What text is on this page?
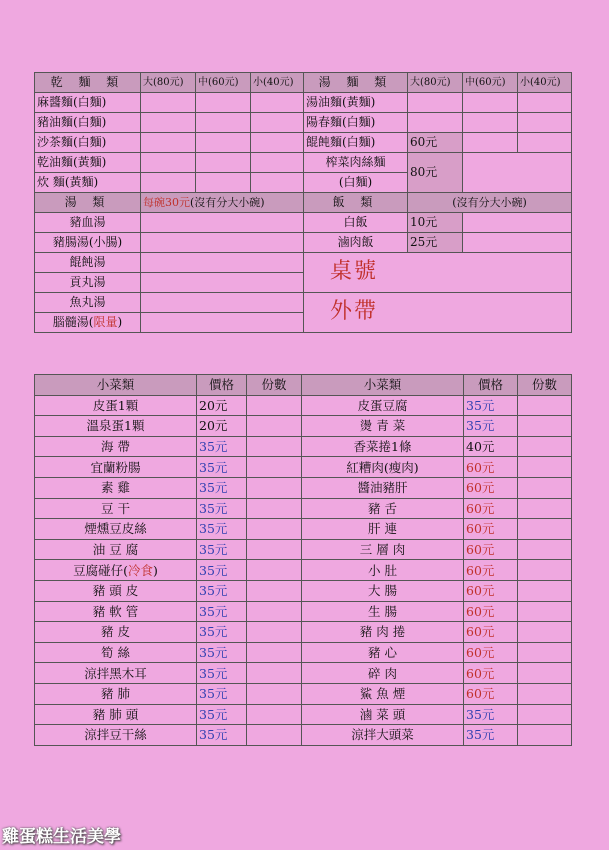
乾 麵 類	大(80元)	中(60元)	小(40元)	湯 麵 類	大(80元)	中(60元)	小(40元)
麻醬麵(白麵)				湯油麵(黃麵)			
豬油麵(白麵)				陽春麵(白麵)			
沙茶麵(白麵)				餛飩麵(白麵)	60元		
乾油麵(黃麵)				榨菜肉絲麵	80元		
炊 麵(黃麵)				(白麵)			
湯 類	每碗30元(沒有分大小碗)			飯 類	(沒有分大小碗)		
豬血湯				白飯	10元		
豬腸湯(小腸)				滷肉飯	25元		
餛飩湯				桌號			
貢丸湯							
魚丸湯				外帶			
腦髓湯(限量)							
小菜類	價格	份數	小菜類	價格	份數
皮蛋1顆	20元		皮蛋豆腐	35元	
溫泉蛋1顆	20元		燙 青 菜	35元	
海 帶	35元		香菜捲1條	40元	
宜蘭粉腸	35元		紅糟肉(瘦肉)	60元	
素 雞	35元		醬油豬肝	60元	
豆 干	35元		豬 舌	60元	
煙燻豆皮絲	35元		肝 連	60元	
油 豆 腐	35元		三 層 肉	60元	
豆腐碰仔(冷食)	35元		小 肚	60元	
豬 頭 皮	35元		大 腸	60元	
豬 軟 管	35元		生 腸	60元	
豬 皮	35元		豬 肉 捲	60元	
筍 絲	35元		豬 心	60元	
涼拌黑木耳	35元		碎 肉	60元	
豬 肺	35元		鯊 魚 煙	60元	
豬 肺 頭	35元		滷 菜 頭	35元	
涼拌豆干絲	35元		涼拌大頭菜	35元	
雞蛋糕生活美學
